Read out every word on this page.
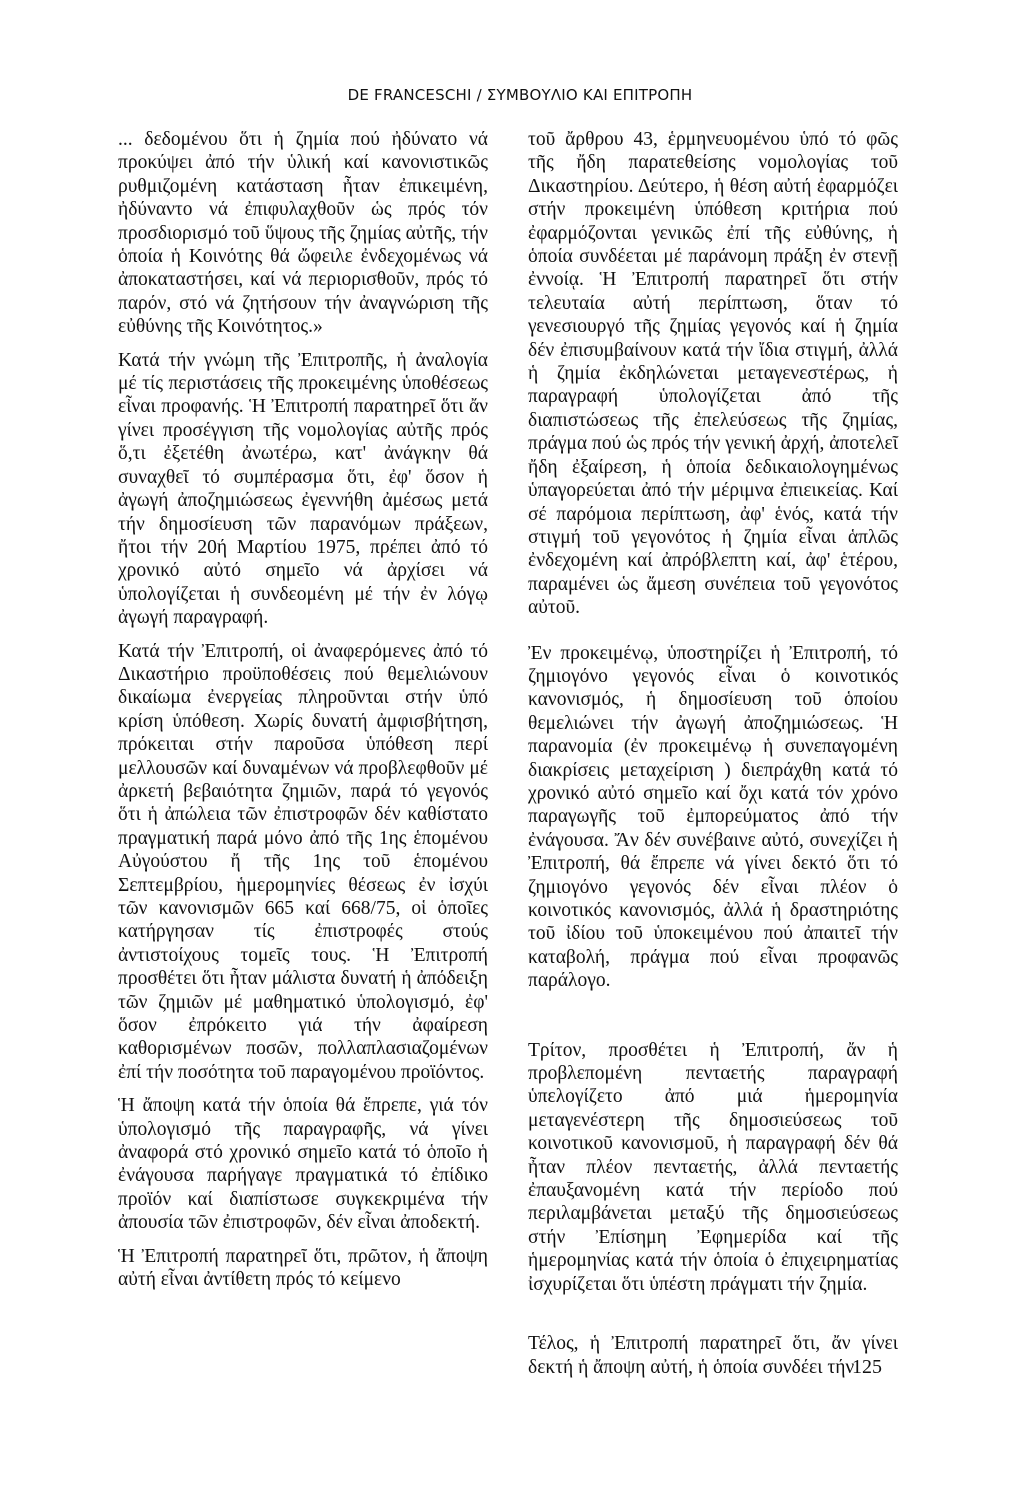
DE FRANCESCHI / ΣΥΜΒΟΥΛΙΟ ΚΑΙ ΕΠΙΤΡΟΠΗ

... δεδομένου ὅτι ἡ ζημία πού ἠδύνατο νά προκύψει ἀπό τήν ὑλική καί κανονιστικῶς ρυθμιζομένη κατάσταση ἦταν ἐπικειμένη, ἠδύναντο νά ἐπιφυλαχθοῦν ὡς πρός τόν προσδιορισμό τοῦ ὕψους τῆς ζημίας αὐτῆς, τήν ὁποία ἡ Κοινότης θά ὤφειλε ἐνδεχομένως νά ἀποκαταστήσει, καί νά περιορισθοῦν, πρός τό παρόν, στό νά ζητήσουν τήν ἀναγνώριση τῆς εὐθύνης τῆς Κοινότητος.»

Κατά τήν γνώμη τῆς Ἐπιτροπῆς, ἡ ἀναλογία μέ τίς περιστάσεις τῆς προκειμένης ὑποθέσεως εἶναι προφανής. Ἡ Ἐπιτροπή παρατηρεῖ ὅτι ἄν γίνει προσέγγιση τῆς νομολογίας αὐτῆς πρός ὅ,τι ἐξετέθη ἀνωτέρω, κατ' ἀνάγκην θά συναχθεῖ τό συμπέρασμα ὅτι, ἐφ' ὅσον ἡ ἀγωγή ἀποζημιώσεως ἐγεννήθη ἀμέσως μετά τήν δημοσίευση τῶν παρανόμων πράξεων, ἤτοι τήν 20ή Μαρτίου 1975, πρέπει ἀπό τό χρονικό αὐτό σημεῖο νά ἀρχίσει νά ὑπολογίζεται ἡ συνδεομένη μέ τήν ἐν λόγῳ ἀγωγή παραγραφή.

Κατά τήν Ἐπιτροπή, οἱ ἀναφερόμενες ἀπό τό Δικαστήριο προϋποθέσεις πού θεμελιώνουν δικαίωμα ἐνεργείας πληροῦνται στήν ὑπό κρίση ὑπόθεση. Χωρίς δυνατή ἀμφισβήτηση, πρόκειται στήν παροῦσα ὑπόθεση περί μελλουσῶν καί δυναμένων νά προβλεφθοῦν μέ ἀρκετή βεβαιότητα ζημιῶν, παρά τό γεγονός ὅτι ἡ ἀπώλεια τῶν ἐπιστροφῶν δέν καθίστατο πραγματική παρά μόνο ἀπό τῆς 1ης ἑπομένου Αὐγούστου ἤ τῆς 1ης τοῦ ἑπομένου Σεπτεμβρίου, ἡμερομηνίες θέσεως ἐν ἰσχύι τῶν κανονισμῶν 665 καί 668/75, οἱ ὁποῖες κατήργησαν τίς ἐπιστροφές στούς ἀντιστοίχους τομεῖς τους. Ἡ Ἐπιτροπή προσθέτει ὅτι ἦταν μάλιστα δυνατή ἡ ἀπόδειξη τῶν ζημιῶν μέ μαθηματικό ὑπολογισμό, ἐφ' ὅσον ἐπρόκειτο γιά τήν ἀφαίρεση καθορισμένων ποσῶν, πολλαπλασιαζομένων ἐπί τήν ποσότητα τοῦ παραγομένου προϊόντος.

Ἡ ἄποψη κατά τήν ὁποία θά ἔπρεπε, γιά τόν ὑπολογισμό τῆς παραγραφῆς, νά γίνει ἀναφορά στό χρονικό σημεῖο κατά τό ὁποῖο ἡ ἐνάγουσα παρήγαγε πραγματικά τό ἐπίδικο προϊόν καί διαπίστωσε συγκεκριμένα τήν ἀπουσία τῶν ἐπιστροφῶν, δέν εἶναι ἀποδεκτή.

Ἡ Ἐπιτροπή παρατηρεῖ ὅτι, πρῶτον, ἡ ἄποψη αὐτή εἶναι ἀντίθετη πρός τό κείμενο

τοῦ ἄρθρου 43, ἑρμηνευομένου ὑπό τό φῶς τῆς ἤδη παρατεθείσης νομολογίας τοῦ Δικαστηρίου. Δεύτερο, ἡ θέση αὐτή ἐφαρμόζει στήν προκειμένη ὑπόθεση κριτήρια πού ἐφαρμόζονται γενικῶς ἐπί τῆς εὐθύνης, ἡ ὁποία συνδέεται μέ παράνομη πράξη ἐν στενῇ ἐννοίᾳ. Ἡ Ἐπιτροπή παρατηρεῖ ὅτι στήν τελευταία αὐτή περίπτωση, ὅταν τό γενεσιουργό τῆς ζημίας γεγονός καί ἡ ζημία δέν ἐπισυμβαίνουν κατά τήν ἴδια στιγμή, ἀλλά ἡ ζημία ἐκδηλώνεται μεταγενεστέρως, ἡ παραγραφή ὑπολογίζεται ἀπό τῆς διαπιστώσεως τῆς ἐπελεύσεως τῆς ζημίας, πράγμα πού ὡς πρός τήν γενική ἀρχή, ἀποτελεῖ ἤδη ἐξαίρεση, ἡ ὁποία δεδικαιολογημένως ὑπαγορεύεται ἀπό τήν μέριμνα ἐπιεικείας. Καί σέ παρόμοια περίπτωση, ἀφ' ἑνός, κατά τήν στιγμή τοῦ γεγονότος ἡ ζημία εἶναι ἁπλῶς ἐνδεχομένη καί ἀπρόβλεπτη καί, ἀφ' ἑτέρου, παραμένει ὡς ἄμεση συνέπεια τοῦ γεγονότος αὐτοῦ.

Ἐν προκειμένῳ, ὑποστηρίζει ἡ Ἐπιτροπή, τό ζημιογόνο γεγονός εἶναι ὁ κοινοτικός κανονισμός, ἡ δημοσίευση τοῦ ὁποίου θεμελιώνει τήν ἀγωγή ἀποζημιώσεως. Ἡ παρανομία (ἐν προκειμένῳ ἡ συνεπαγομένη διακρίσεις μεταχείριση ) διεπράχθη κατά τό χρονικό αὐτό σημεῖο καί ὄχι κατά τόν χρόνο παραγωγῆς τοῦ ἐμπορεύματος ἀπό τήν ἐνάγουσα. Ἄν δέν συνέβαινε αὐτό, συνεχίζει ἡ Ἐπιτροπή, θά ἔπρεπε νά γίνει δεκτό ὅτι τό ζημιογόνο γεγονός δέν εἶναι πλέον ὁ κοινοτικός κανονισμός, ἀλλά ἡ δραστηριότης τοῦ ἰδίου τοῦ ὑποκειμένου πού ἀπαιτεῖ τήν καταβολή, πράγμα πού εἶναι προφανῶς παράλογο.

Τρίτον, προσθέτει ἡ Ἐπιτροπή, ἄν ἡ προβλεπομένη πενταετής παραγραφή ὑπελογίζετο ἀπό μιά ἡμερομηνία μεταγενέστερη τῆς δημοσιεύσεως τοῦ κοινοτικοῦ κανονισμοῦ, ἡ παραγραφή δέν θά ἦταν πλέον πενταετής, ἀλλά πενταετής ἐπαυξανομένη κατά τήν περίοδο πού περιλαμβάνεται μεταξύ τῆς δημοσιεύσεως στήν Ἐπίσημη Ἐφημερίδα καί τῆς ἡμερομηνίας κατά τήν ὁποία ὁ ἐπιχειρηματίας ἰσχυρίζεται ὅτι ὑπέστη πράγματι τήν ζημία.

Τέλος, ἡ Ἐπιτροπή παρατηρεῖ ὅτι, ἄν γίνει δεκτή ἡ ἄποψη αὐτή, ἡ ὁποία συνδέει τήν

125
